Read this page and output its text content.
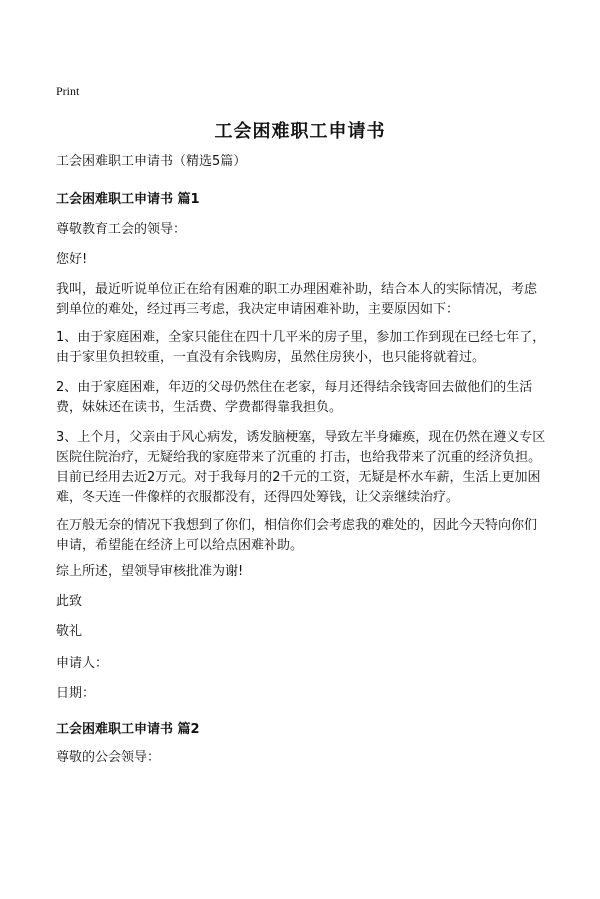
Print
工会困难职工申请书

工会困难职工申请书（精选5篇）

工会困难职工申请书 篇1

尊敬教育工会的领导：

您好!

我叫，最近听说单位正在给有困难的职工办理困难补助，结合本人的实际情况，考虑到单位的难处，经过再三考虑，我决定申请困难补助，主要原因如下：

1、由于家庭困难，全家只能住在四十几平米的房子里，参加工作到现在已经七年了，由于家里负担较重，一直没有余钱购房，虽然住房狭小，也只能将就着过。

2、由于家庭困难，年迈的父母仍然住在老家，每月还得结余钱寄回去做他们的生活费，妹妹还在读书，生活费、学费都得靠我担负。

3、上个月，父亲由于风心病发，诱发脑梗塞，导致左半身瘫痪，现在仍然在遵义专区医院住院治疗，无疑给我的家庭带来了沉重的 打击，也给我带来了沉重的经济负担。目前已经用去近2万元。对于我每月的2千元的工资，无疑是杯水车薪，生活上更加困难，冬天连一件像样的衣服都没有，还得四处筹钱，让父亲继续治疗。

在万般无奈的情况下我想到了你们，相信你们会考虑我的难处的，因此今天特向你们申请，希望能在经济上可以给点困难补助。

综上所述，望领导审核批准为谢!

此致

敬礼

申请人：

日期：

工会困难职工申请书 篇2

尊敬的公会领导：
